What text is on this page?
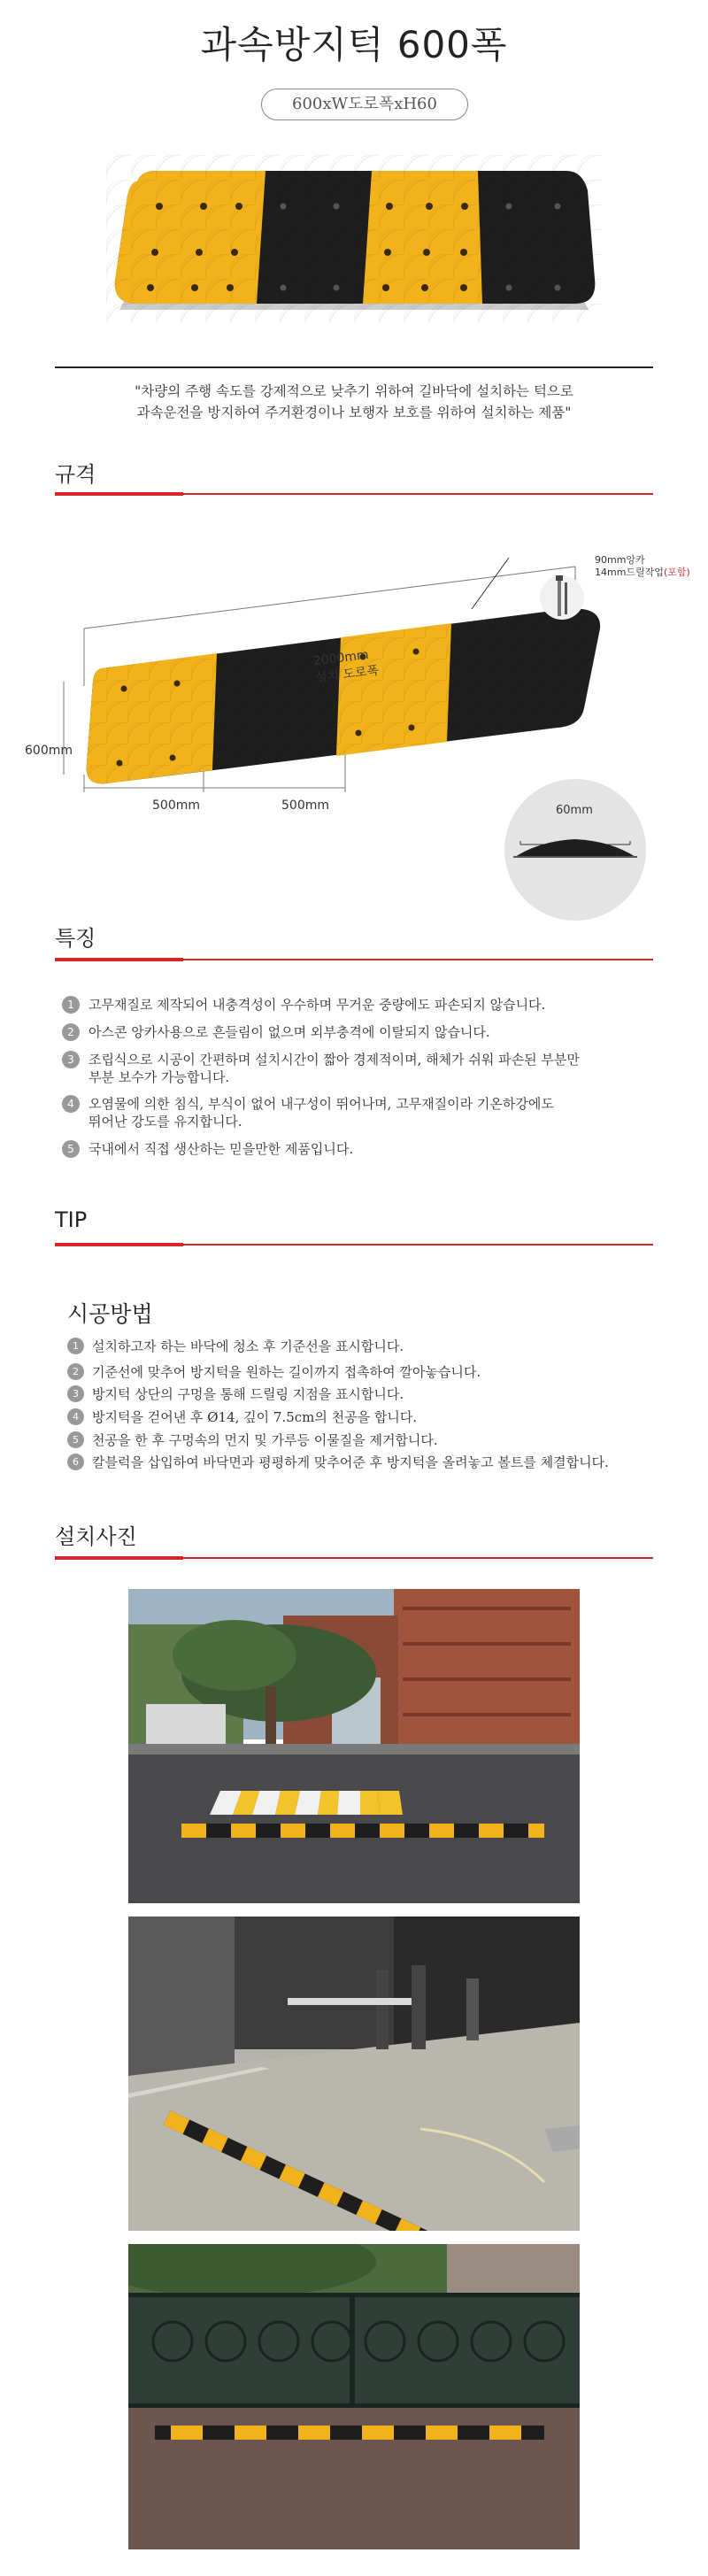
과속방지턱 600폭
600xW도로폭xH60
"차량의 주행 속도를 강제적으로 낮추기 위하여 길바닥에 설치하는 턱으로
과속운전을 방지하여 주거환경이나 보행자 보호를 위하여 설치하는 제품"
규격
2000mm
설치 도로폭
600mm
500mm	500mm
90mm앙카
14mm드릴작업(포함)
60mm
특징
1	고무재질로 제작되어 내충격성이 우수하며 무거운 중량에도 파손되지 않습니다.
2	아스콘 앙카사용으로 흔들림이 없으며 외부충격에 이탈되지 않습니다.
3	조립식으로 시공이 간편하며 설치시간이 짧아 경제적이며, 해체가 쉬워 파손된 부분만
부분 보수가 가능합니다.
4	오염물에 의한 침식, 부식이 없어 내구성이 뛰어나며, 고무재질이라 기온하강에도
뛰어난 강도를 유지합니다.
5	국내에서 직접 생산하는 믿을만한 제품입니다.
TIP
시공방법
1	설치하고자 하는 바닥에 청소 후 기준선을 표시합니다.
2	기준선에 맞추어 방지턱을 원하는 길이까지 접촉하여 깔아놓습니다.
3	방지턱 상단의 구멍을 통해 드릴링 지점을 표시합니다.
4	방지턱을 걷어낸 후 Ø14, 깊이 7.5cm의 천공을 합니다.
5	천공을 한 후 구멍속의 먼지 및 가루등 이물질을 제거합니다.
6	칼블럭을 삽입하여 바닥면과 평평하게 맞추어준 후 방지턱을 올려놓고 볼트를 체결합니다.
설치사진
